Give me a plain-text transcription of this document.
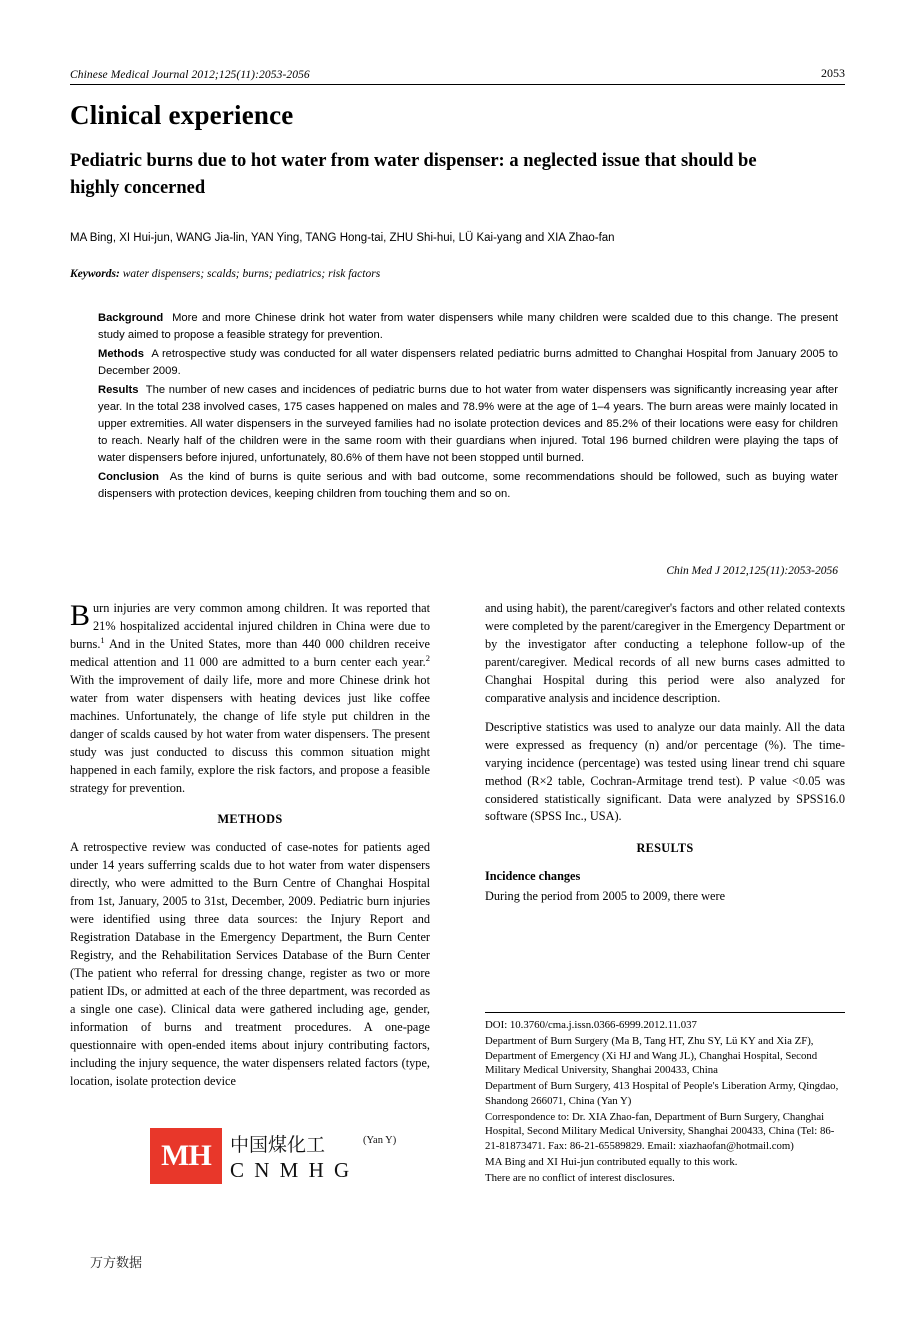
Chinese Medical Journal 2012;125(11):2053-2056	2053
Clinical experience
Pediatric burns due to hot water from water dispenser: a neglected issue that should be highly concerned
MA Bing, XI Hui-jun, WANG Jia-lin, YAN Ying, TANG Hong-tai, ZHU Shi-hui, LÜ Kai-yang and XIA Zhao-fan
Keywords: water dispensers; scalds; burns; pediatrics; risk factors

Background More and more Chinese drink hot water from water dispensers while many children were scalded due to this change. The present study aimed to propose a feasible strategy for prevention.

Methods A retrospective study was conducted for all water dispensers related pediatric burns admitted to Changhai Hospital from January 2005 to December 2009.

Results The number of new cases and incidences of pediatric burns due to hot water from water dispensers was significantly increasing year after year. In the total 238 involved cases, 175 cases happened on males and 78.9% were at the age of 1–4 years. The burn areas were mainly located in upper extremities. All water dispensers in the surveyed families had no isolate protection devices and 85.2% of their locations were easy for children to reach. Nearly half of the children were in the same room with their guardians when injured. Total 196 burned children were playing the taps of water dispensers before injured, unfortunately, 80.6% of them have not been stopped until burned.

Conclusion As the kind of burns is quite serious and with bad outcome, some recommendations should be followed, such as buying water dispensers with protection devices, keeping children from touching them and so on.

Chin Med J 2012,125(11):2053-2056

Burn injuries are very common among children. It was reported that 21% hospitalized accidental injured children in China were due to burns.$^1$ And in the United States, more than 440 000 children receive medical attention and 11 000 are admitted to a burn center each year.$^2$ With the improvement of daily life, more and more Chinese drink hot water from water dispensers with heating devices just like coffee machines. Unfortunately, the change of life style put children in the danger of scalds caused by hot water from water dispensers. The present study was just conducted to discuss this common situation might happened in each family, explore the risk factors, and propose a feasible strategy for prevention.

METHODS

A retrospective review was conducted of case-notes for patients aged under 14 years sufferring scalds due to hot water from water dispensers directly, who were admitted to the Burn Centre of Changhai Hospital from 1st, January, 2005 to 31st, December, 2009. Pediatric burn injuries were identified using three data sources: the Injury Report and Registration Database in the Emergency Department, the Burn Center Registry, and the Rehabilitation Services Database of the Burn Center (The patient who referral for dressing change, register as two or more patient IDs, or admitted at each of the three department, was recorded as a single one case). Clinical data were gathered including age, gender, information of burns and treatment procedures. A one-page questionnaire with open-ended items about injury contributing factors, including the injury sequence, the water dispensers related factors (type, location, isolate protection device

and using habit), the parent/caregiver's factors and other related contexts were completed by the parent/caregiver in the Emergency Department or by the investigator after conducting a telephone follow-up of the parent/caregiver. Medical records of all new burns cases admitted to Changhai Hospital during this period were also analyzed for comparative analysis and incidence description.

Descriptive statistics was used to analyze our data mainly. All the data were expressed as frequency (n) and/or percentage (%). The time-varying incidence (percentage) was tested using linear trend chi square method (R×2 table, Cochran-Armitage trend test). P value <0.05 was considered statistically significant. Data were analyzed by SPSS16.0 software (SPSS Inc., USA).

RESULTS
Incidence changes

During the period from 2005 to 2009, there were

DOI: 10.3760/cma.j.issn.0366-6999.2012.11.037

Department of Burn Surgery (Ma B, Tang HT, Zhu SY, Lü KY and Xia ZF), Department of Emergency (Xi HJ and Wang JL), Changhai Hospital, Second Military Medical University, Shanghai 200433, China

Department of Burn Surgery, 413 Hospital of People's Liberation Army, Qingdao, Shandong 266071, China (Yan Y)

Correspondence to: Dr. XIA Zhao-fan, Department of Burn Surgery, Changhai Hospital, Second Military Medical University, Shanghai 200433, China (Tel: 86-21-81873471. Fax: 86-21-65589829. Email: xiazhaofan@hotmail.com)

MA Bing and XI Hui-jun contributed equally to this work.

There are no conflict of interest disclosures.

MH 中国煤化工
C N M H G
(Yan Y)
万方数据
